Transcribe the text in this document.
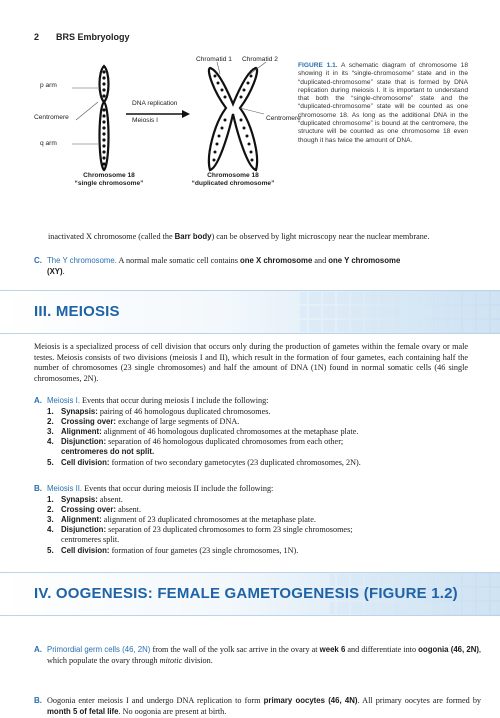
2 BRS Embryology
p arm
Centromere
q arm
Chromatid 1 Chromatid 2
Centromere
DNA replication
Meiosis I
Chromosome 18
“single chromosome”
Chromosome 18
“duplicated chromosome”
FIGURE 1.1. A schematic diagram of chromosome 18 showing it in its “single-chromosome” state and in the “duplicated-chromosome” state that is formed by DNA replication during meiosis I. It is important to understand that both the “single-chromosome” state and the “duplicated-chromosome” state will be counted as one chromosome 18. As long as the additional DNA in the “duplicated chromosome” is bound at the centromere, the structure will be counted as one chromosome 18 even though it has twice the amount of DNA.
inactivated X chromosome (called the Barr body) can be observed by light microscopy near the nuclear membrane.
C. The Y chromosome. A normal male somatic cell contains one X chromosome and one Y chromosome
(XY).
III. MEIOSIS
Meiosis is a specialized process of cell division that occurs only during the production of gametes within the female ovary or male testes. Meiosis consists of two divisions (meiosis I and II), which result in the formation of four gametes, each containing half the number of chromosomes (23 single chromosomes) and half the amount of DNA (1N) found in normal somatic cells (46 single chromosomes, 2N).
A. Meiosis I. Events that occur during meiosis I include the following:
1. Synapsis: pairing of 46 homologous duplicated chromosomes.
2. Crossing over: exchange of large segments of DNA.
3. Alignment: alignment of 46 homologous duplicated chromosomes at the metaphase plate.
4. Disjunction: separation of 46 homologous duplicated chromosomes from each other;
centromeres do not split.
5. Cell division: formation of two secondary gametocytes (23 duplicated chromosomes, 2N).
B. Meiosis II. Events that occur during meiosis II include the following:
1. Synapsis: absent.
2. Crossing over: absent.
3. Alignment: alignment of 23 duplicated chromosomes at the metaphase plate.
4. Disjunction: separation of 23 duplicated chromosomes to form 23 single chromosomes;
centromeres split.
5. Cell division: formation of four gametes (23 single chromosomes, 1N).
IV. OOGENESIS: FEMALE GAMETOGENESIS (FIGURE 1.2)
A. Primordial germ cells (46, 2N) from the wall of the yolk sac arrive in the ovary at week 6 and differentiate into oogonia (46, 2N), which populate the ovary through mitotic division.
B. Oogonia enter meiosis I and undergo DNA replication to form primary oocytes (46, 4N). All primary oocytes are formed by month 5 of fetal life. No oogonia are present at birth.
